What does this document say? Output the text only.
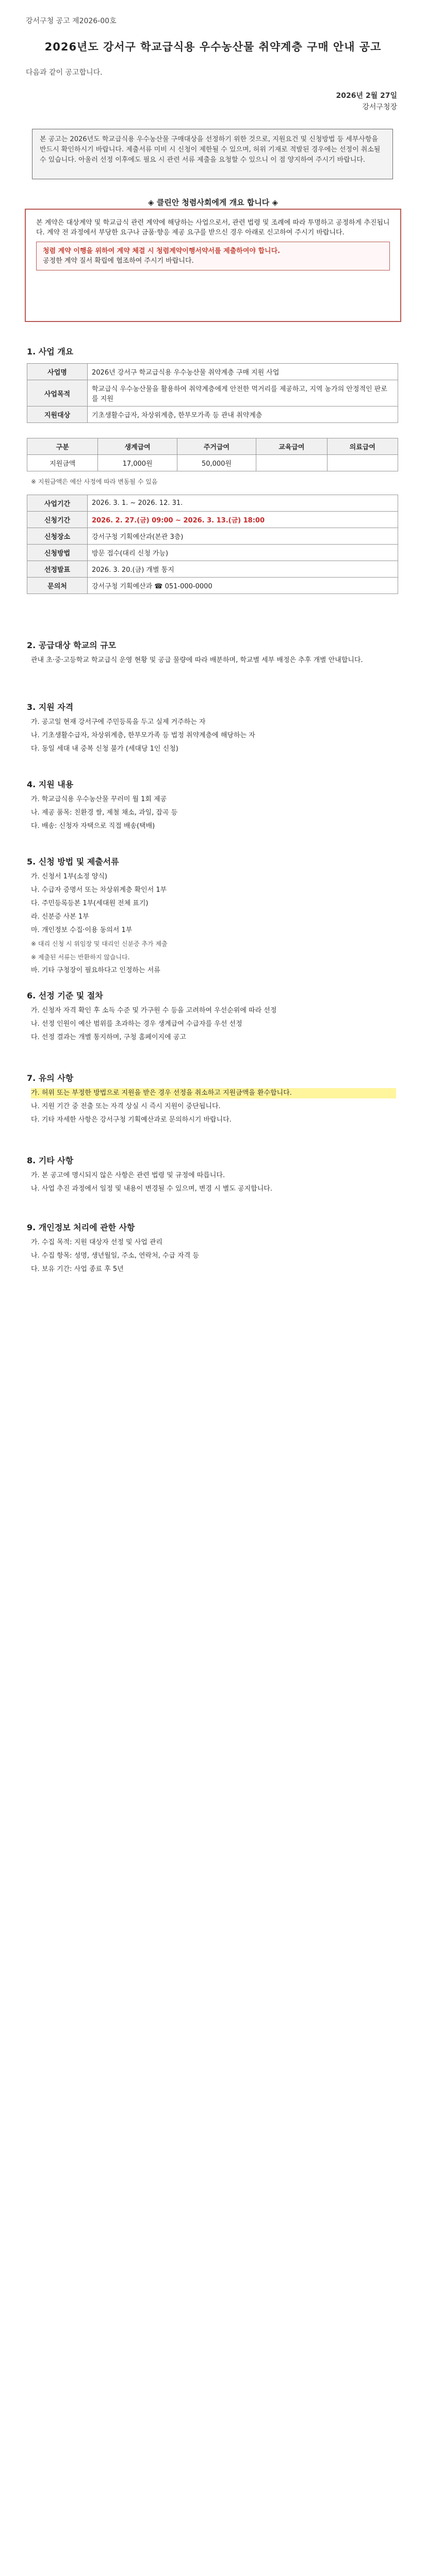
강서구청 공고 제2026-00호
2026년도 강서구 학교급식용 우수농산물 취약계층 구매 안내 공고
다음과 같이 공고합니다.
2026년 2월 27일
강서구청장
본 공고는 2026년도 학교급식용 우수농산물 구매대상을 선정하기 위한 것으로, 지원요건 및 신청방법 등 세부사항을 반드시 확인하시기 바랍니다. 제출서류 미비 시 신청이 제한될 수 있으며, 허위 기재로 적발된 경우에는 선정이 취소될 수 있습니다. 아울러 선정 이후에도 필요 시 관련 서류 제출을 요청할 수 있으니 이 점 양지하여 주시기 바랍니다.
◈ 클린안 청렴사회에게 개요 합니다 ◈
본 계약은 대상계약 및 학교급식 관련 계약에 해당하는 사업으로서, 관련 법령 및 조례에 따라 투명하고 공정하게 추진됩니다. 계약 전 과정에서 부당한 요구나 금품·향응 제공 요구를 받으신 경우 아래로 신고하여 주시기 바랍니다.
청렴 계약 이행을 위하여 계약 체결 시 청렴계약이행서약서를 제출하여야 합니다.
공정한 계약 질서 확립에 협조하여 주시기 바랍니다.
1. 사업 개요
사업명	2026년 강서구 학교급식용 우수농산물 취약계층 구매 지원 사업
사업목적	학교급식 우수농산물을 활용하여 취약계층에게 안전한 먹거리를 제공하고, 지역 농가의 안정적인 판로를 지원
지원대상	기초생활수급자, 차상위계층, 한부모가족 등 관내 취약계층
구분	생계급여	주거급여	교육급여	의료급여
지원금액	17,000원	50,000원		
※ 지원금액은 예산 사정에 따라 변동될 수 있음
사업기간	2026. 3. 1. ~ 2026. 12. 31.
신청기간	2026. 2. 27.(금) 09:00 ~ 2026. 3. 13.(금) 18:00
신청장소	강서구청 기획예산과(본관 3층)
신청방법	방문 접수(대리 신청 가능)
선정발표	2026. 3. 20.(금) 개별 통지
문의처	강서구청 기획예산과 ☎ 051-000-0000
2. 공급대상 학교의 규모
관내 초·중·고등학교 학교급식 운영 현황 및 공급 물량에 따라 배분하며, 학교별 세부 배정은 추후 개별 안내합니다.
3. 지원 자격

가. 공고일 현재 강서구에 주민등록을 두고 실제 거주하는 자

나. 기초생활수급자, 차상위계층, 한부모가족 등 법정 취약계층에 해당하는 자

다. 동일 세대 내 중복 신청 불가 (세대당 1인 신청)

4. 지원 내용

가. 학교급식용 우수농산물 꾸러미 월 1회 제공

나. 제공 품목: 친환경 쌀, 제철 채소, 과일, 잡곡 등

다. 배송: 신청자 자택으로 직접 배송(택배)

5. 신청 방법 및 제출서류

가. 신청서 1부(소정 양식)

나. 수급자 증명서 또는 차상위계층 확인서 1부

다. 주민등록등본 1부(세대원 전체 표기)

라. 신분증 사본 1부

마. 개인정보 수집·이용 동의서 1부

※ 대리 신청 시 위임장 및 대리인 신분증 추가 제출

※ 제출된 서류는 반환하지 않습니다.

바. 기타 구청장이 필요하다고 인정하는 서류

6. 선정 기준 및 절차

가. 신청자 자격 확인 후 소득 수준 및 가구원 수 등을 고려하여 우선순위에 따라 선정

나. 선정 인원이 예산 범위를 초과하는 경우 생계급여 수급자를 우선 선정

다. 선정 결과는 개별 통지하며, 구청 홈페이지에 공고

7. 유의 사항

가. 허위 또는 부정한 방법으로 지원을 받은 경우 선정을 취소하고 지원금액을 환수합니다.

나. 지원 기간 중 전출 또는 자격 상실 시 즉시 지원이 중단됩니다.

다. 기타 자세한 사항은 강서구청 기획예산과로 문의하시기 바랍니다.

8. 기타 사항

가. 본 공고에 명시되지 않은 사항은 관련 법령 및 규정에 따릅니다.

나. 사업 추진 과정에서 일정 및 내용이 변경될 수 있으며, 변경 시 별도 공지합니다.

9. 개인정보 처리에 관한 사항

가. 수집 목적: 지원 대상자 선정 및 사업 관리

나. 수집 항목: 성명, 생년월일, 주소, 연락처, 수급 자격 등

다. 보유 기간: 사업 종료 후 5년
